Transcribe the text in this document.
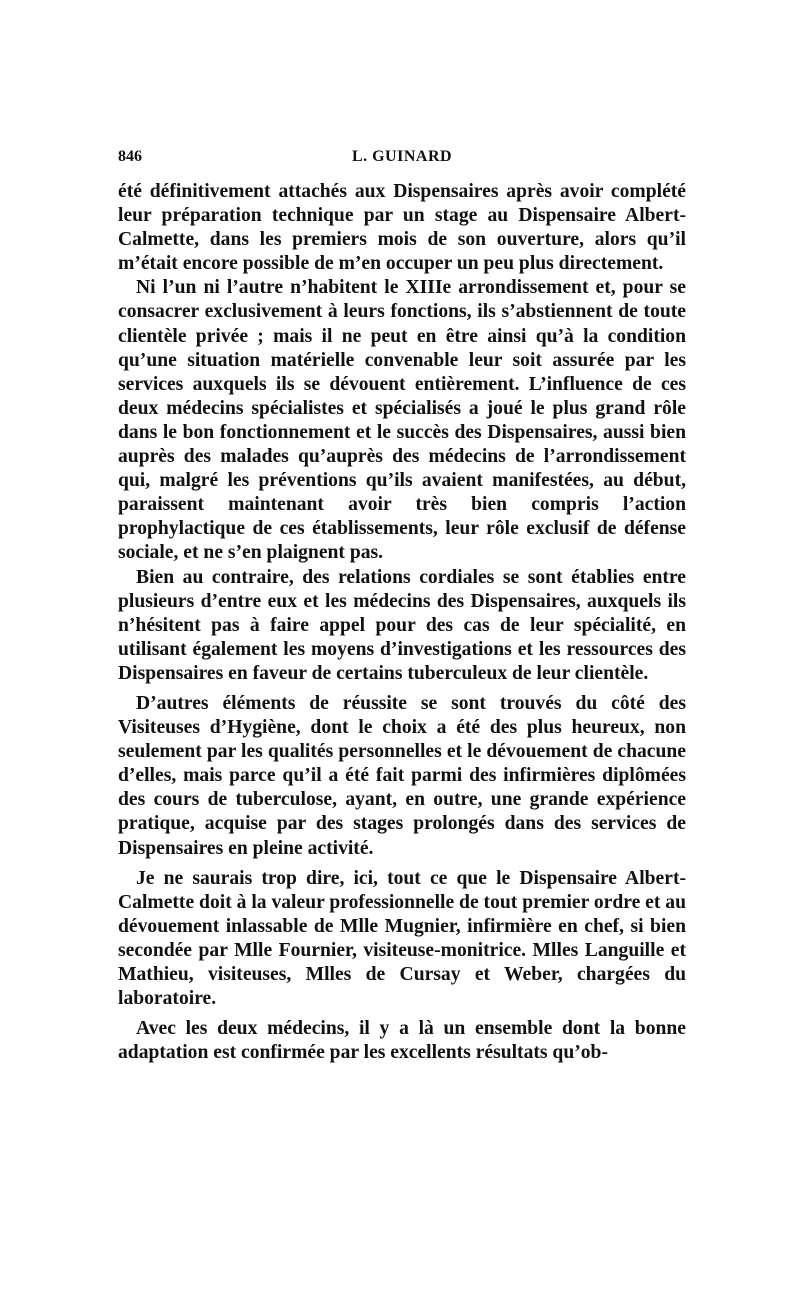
846	L. GUINARD

été définitivement attachés aux Dispensaires après avoir complété leur préparation technique par un stage au Dispensaire Albert-Calmette, dans les premiers mois de son ouverture, alors qu’il m’était encore possible de m’en occuper un peu plus directement.

Ni l’un ni l’autre n’habitent le XIIIe arrondissement et, pour se consacrer exclusivement à leurs fonctions, ils s’abstiennent de toute clientèle privée ; mais il ne peut en être ainsi qu’à la condition qu’une situation matérielle convenable leur soit assurée par les services auxquels ils se dévouent entièrement. L’influence de ces deux médecins spécialistes et spécialisés a joué le plus grand rôle dans le bon fonctionnement et le succès des Dispensaires, aussi bien auprès des malades qu’auprès des médecins de l’arrondissement qui, malgré les préventions qu’ils avaient manifestées, au début, paraissent maintenant avoir très bien compris l’action prophylactique de ces établissements, leur rôle exclusif de défense sociale, et ne s’en plaignent pas.

Bien au contraire, des relations cordiales se sont établies entre plusieurs d’entre eux et les médecins des Dispensaires, auxquels ils n’hésitent pas à faire appel pour des cas de leur spécialité, en utilisant également les moyens d’investigations et les ressources des Dispensaires en faveur de certains tuberculeux de leur clientèle.

D’autres éléments de réussite se sont trouvés du côté des Visiteuses d’Hygiène, dont le choix a été des plus heureux, non seulement par les qualités personnelles et le dévouement de chacune d’elles, mais parce qu’il a été fait parmi des infirmières diplômées des cours de tuberculose, ayant, en outre, une grande expérience pratique, acquise par des stages prolongés dans des services de Dispensaires en pleine activité.

Je ne saurais trop dire, ici, tout ce que le Dispensaire Albert-Calmette doit à la valeur professionnelle de tout premier ordre et au dévouement inlassable de Mlle Mugnier, infirmière en chef, si bien secondée par Mlle Fournier, visiteuse-monitrice. Mlles Languille et Mathieu, visiteuses, Mlles de Cursay et Weber, chargées du laboratoire.

Avec les deux médecins, il y a là un ensemble dont la bonne adaptation est confirmée par les excellents résultats qu’ob-
